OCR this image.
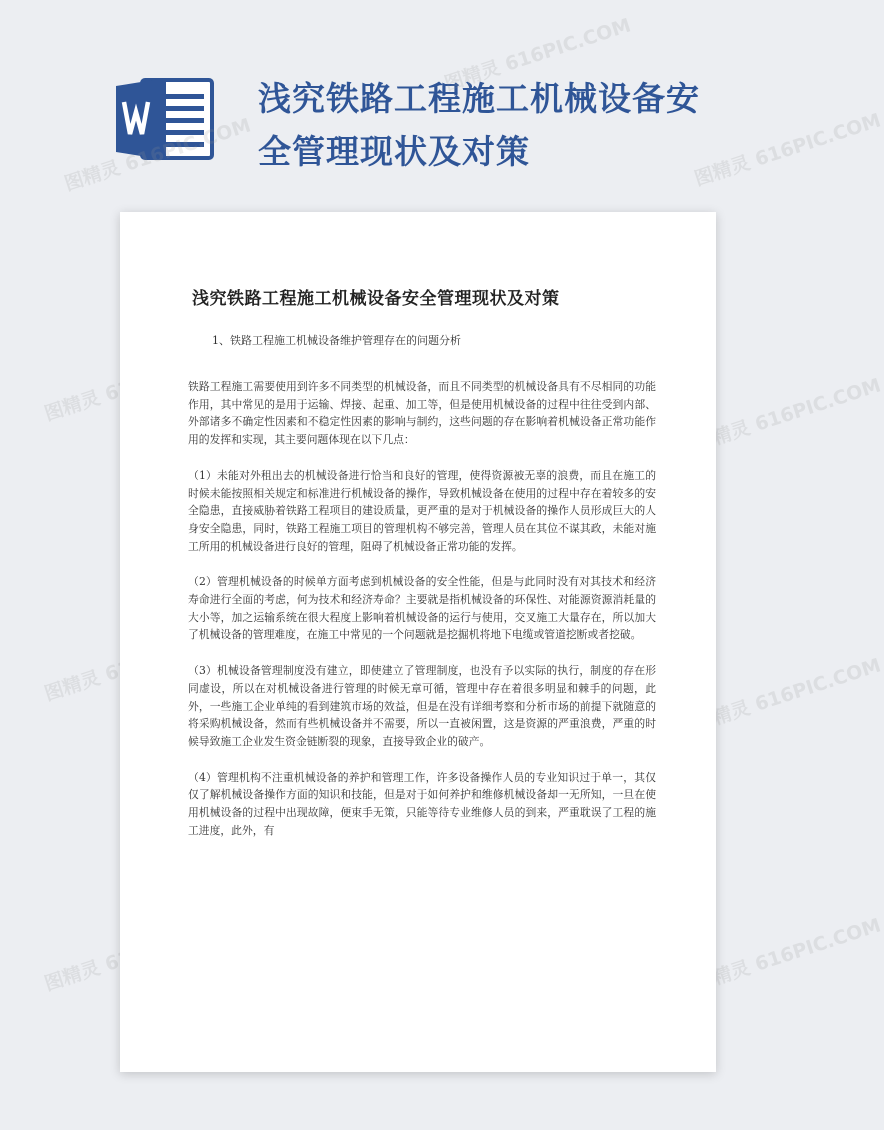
浅究铁路工程施工机械设备安全管理现状及对策
图精灵 616PIC.COM
图精灵 616PIC.COM
图精灵
图精灵	图精灵 616PIC.COM
图精灵	图精灵 616PIC.COM
图精灵	图精灵 616PIC.COM
浅究铁路工程施工机械设备安全管理现状及对策

1、铁路工程施工机械设备维护管理存在的问题分析

铁路工程施工需要使用到许多不同类型的机械设备，而且不同类型的机械设备具有不尽相同的功能作用，其中常见的是用于运输、焊接、起重、加工等，但是使用机械设备的过程中往往受到内部、外部诸多不确定性因素和不稳定性因素的影响与制约，这些问题的存在影响着机械设备正常功能作用的发挥和实现，其主要问题体现在以下几点：

（1）未能对外租出去的机械设备进行恰当和良好的管理，使得资源被无辜的浪费，而且在施工的时候未能按照相关规定和标准进行机械设备的操作，导致机械设备在使用的过程中存在着较多的安全隐患，直接威胁着铁路工程项目的建设质量，更严重的是对于机械设备的操作人员形成巨大的人身安全隐患，同时，铁路工程施工项目的管理机构不够完善，管理人员在其位不谋其政，未能对施工所用的机械设备进行良好的管理，阻碍了机械设备正常功能的发挥。

（2）管理机械设备的时候单方面考虑到机械设备的安全性能，但是与此同时没有对其技术和经济寿命进行全面的考虑，何为技术和经济寿命？主要就是指机械设备的环保性、对能源资源消耗量的大小等，加之运输系统在很大程度上影响着机械设备的运行与使用，交叉施工大量存在，所以加大了机械设备的管理难度，在施工中常见的一个问题就是挖掘机将地下电缆或管道挖断或者挖破。

（3）机械设备管理制度没有建立，即使建立了管理制度，也没有予以实际的执行，制度的存在形同虚设，所以在对机械设备进行管理的时候无章可循，管理中存在着很多明显和棘手的问题，此外，一些施工企业单纯的看到建筑市场的效益，但是在没有详细考察和分析市场的前提下就随意的将采购机械设备，然而有些机械设备并不需要，所以一直被闲置，这是资源的严重浪费，严重的时候导致施工企业发生资金链断裂的现象，直接导致企业的破产。

（4）管理机构不注重机械设备的养护和管理工作，许多设备操作人员的专业知识过于单一，其仅仅了解机械设备操作方面的知识和技能，但是对于如何养护和维修机械设备却一无所知，一旦在使用机械设备的过程中出现故障，便束手无策，只能等待专业维修人员的到来，严重耽误了工程的施工进度，此外，有
